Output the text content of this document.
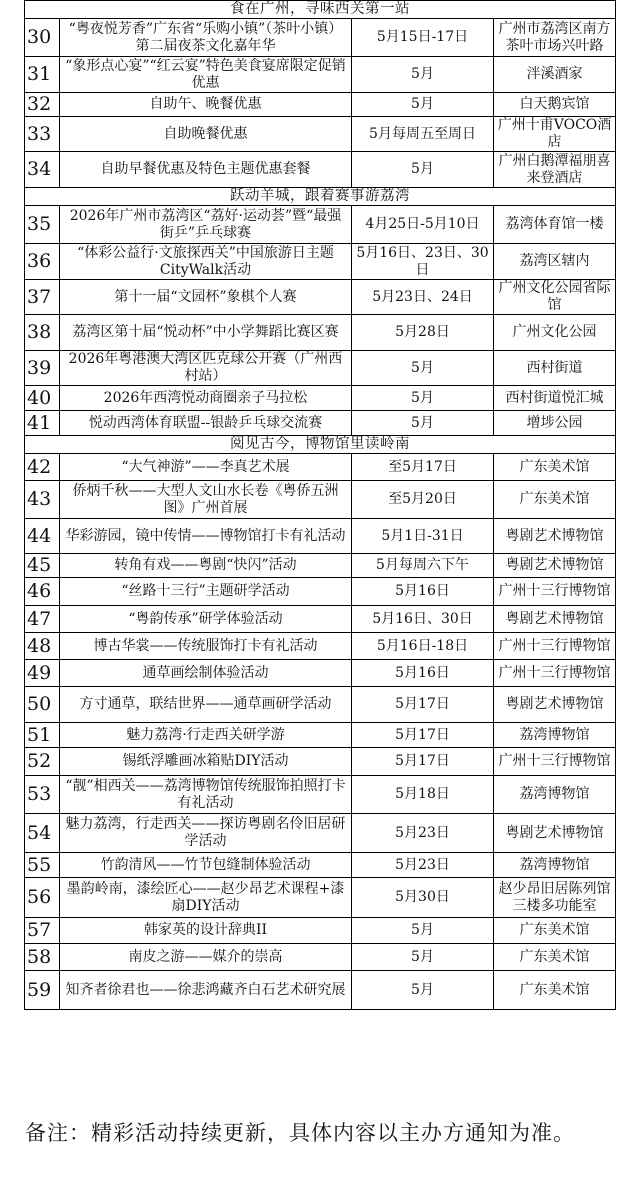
食在广州，寻味西关第一站			
30	“粤夜悦芳香”广东省“乐购小镇”（茶叶小镇）第二届夜茶文化嘉年华	5月15日-17日	广州市荔湾区南方茶叶市场兴叶路
31	“象形点心宴”“红云宴”特色美食宴席限定促销优惠	5月	泮溪酒家
32	自助午、晚餐优惠	5月	白天鹅宾馆
33	自助晚餐优惠	5月每周五至周日	广州十甫VOCO酒店
34	自助早餐优惠及特色主题优惠套餐	5月	广州白鹅潭福朋喜来登酒店
跃动羊城，跟着赛事游荔湾			
35	2026年广州市荔湾区“荔好·运动荟”暨“最强街乒”乒乓球赛	4月25日-5月10日	荔湾体育馆一楼
36	“体彩公益行·文旅探西关”中国旅游日主题CityWalk活动	5月16日、23日、30日	荔湾区辖内
37	第十一届“文园杯”象棋个人赛	5月23日、24日	广州文化公园省际馆
38	荔湾区第十届“悦动杯”中小学舞蹈比赛区赛	5月28日	广州文化公园
39	2026年粤港澳大湾区匹克球公开赛（广州西村站）	5月	西村街道
40	2026年西湾悦动商圈亲子马拉松	5月	西村街道悦汇城
41	悦动西湾体育联盟--银龄乒乓球交流赛	5月	增埗公园
阅见古今，博物馆里读岭南			
42	“大气神游”——李真艺术展	至5月17日	广东美术馆
43	侨炳千秋——大型人文山水长卷《粤侨五洲图》广州首展	至5月20日	广东美术馆
44	华彩游园，镜中传情——博物馆打卡有礼活动	5月1日-31日	粤剧艺术博物馆
45	转角有戏——粤剧“快闪”活动	5月每周六下午	粤剧艺术博物馆
46	“丝路十三行”主题研学活动	5月16日	广州十三行博物馆
47	“粤韵传承”研学体验活动	5月16日、30日	粤剧艺术博物馆
48	博古华裳——传统服饰打卡有礼活动	5月16日-18日	广州十三行博物馆
49	通草画绘制体验活动	5月16日	广州十三行博物馆
50	方寸通草，联结世界——通草画研学活动	5月17日	粤剧艺术博物馆
51	魅力荔湾·行走西关研学游	5月17日	荔湾博物馆
52	锡纸浮雕画冰箱贴DIY活动	5月17日	广州十三行博物馆
53	“靓”相西关——荔湾博物馆传统服饰拍照打卡有礼活动	5月18日	荔湾博物馆
54	魅力荔湾，行走西关——探访粤剧名伶旧居研学活动	5月23日	粤剧艺术博物馆
55	竹韵清风——竹节包缝制体验活动	5月23日	荔湾博物馆
56	墨韵岭南，漆绘匠心——赵少昂艺术课程+漆扇DIY活动	5月30日	赵少昂旧居陈列馆三楼多功能室
57	韩家英的设计辞典II	5月	广东美术馆
58	南皮之游——媒介的崇高	5月	广东美术馆
59	知齐者徐君也——徐悲鸿藏齐白石艺术研究展	5月	广东美术馆
备注：精彩活动持续更新，具体内容以主办方通知为准。
